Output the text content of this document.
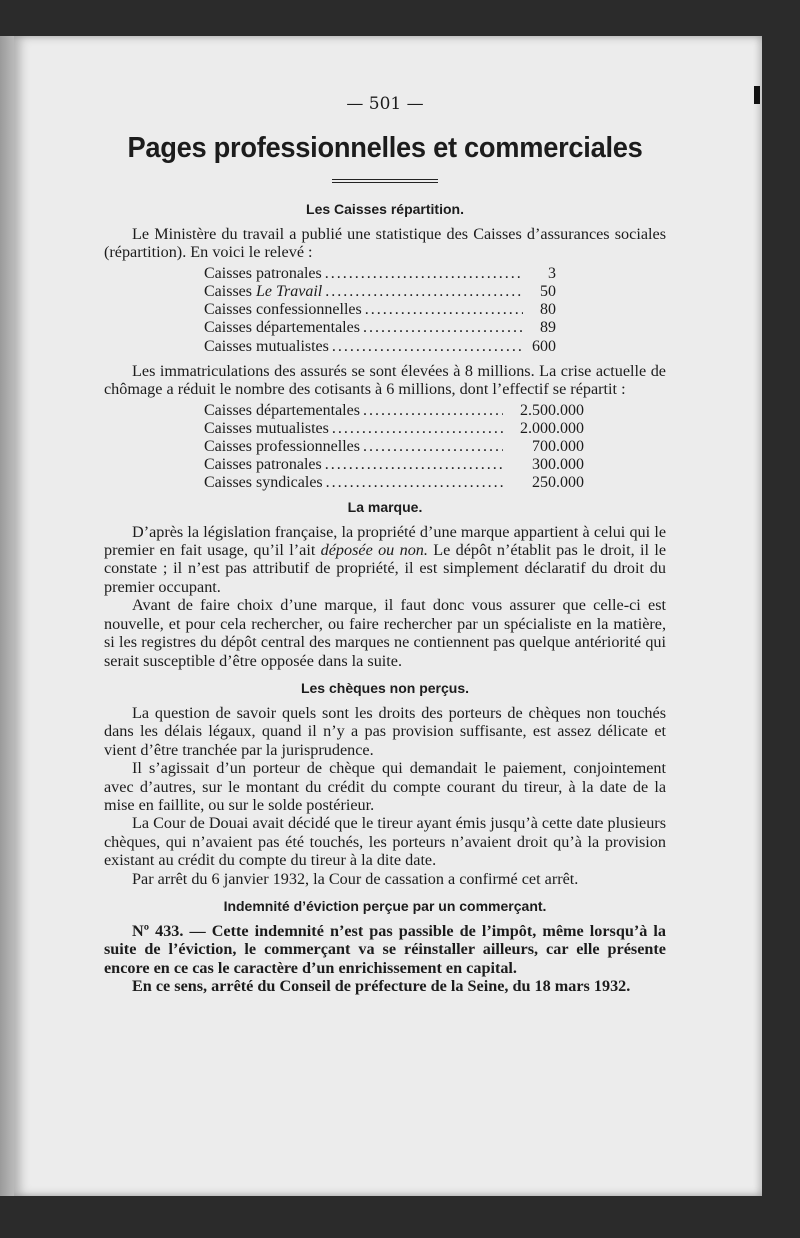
— 501 —
Pages professionnelles et commerciales
Les Caisses répartition.

Le Ministère du travail a publié une statistique des Caisses d’assurances sociales (répartition). En voici le relevé :

Caisses patronales .....	3
Caisses Le Travail .....	50
Caisses confessionnelles .....	80
Caisses départementales .....	89
Caisses mutualistes .....	600

Les immatriculations des assurés se sont élevées à 8 millions. La crise actuelle de chômage a réduit le nombre des cotisants à 6 millions, dont l’effectif se répartit :

Caisses départementales .....	2.500.000
Caisses mutualistes .....	2.000.000
Caisses professionnelles .....	700.000
Caisses patronales .....	300.000
Caisses syndicales .....	250.000
La marque.

D’après la législation française, la propriété d’une marque appartient à celui qui le premier en fait usage, qu’il l’ait déposée ou non. Le dépôt n’établit pas le droit, il le constate ; il n’est pas attributif de propriété, il est simplement déclaratif du droit du premier occupant.

Avant de faire choix d’une marque, il faut donc vous assurer que celle-ci est nouvelle, et pour cela rechercher, ou faire rechercher par un spécialiste en la matière, si les registres du dépôt central des marques ne contiennent pas quelque antériorité qui serait susceptible d’être opposée dans la suite.

Les chèques non perçus.

La question de savoir quels sont les droits des porteurs de chèques non touchés dans les délais légaux, quand il n’y a pas provision suffisante, est assez délicate et vient d’être tranchée par la jurisprudence.

Il s’agissait d’un porteur de chèque qui demandait le paiement, conjointement avec d’autres, sur le montant du crédit du compte courant du tireur, à la date de la mise en faillite, ou sur le solde postérieur.

La Cour de Douai avait décidé que le tireur ayant émis jusqu’à cette date plusieurs chèques, qui n’avaient pas été touchés, les porteurs n’avaient droit qu’à la provision existant au crédit du compte du tireur à la dite date.

Par arrêt du 6 janvier 1932, la Cour de cassation a confirmé cet arrêt.

Indemnité d’éviction perçue par un commerçant.

Nº 433. — Cette indemnité n’est pas passible de l’impôt, même lorsqu’à la suite de l’éviction, le commerçant va se réinstaller ailleurs, car elle présente encore en ce cas le caractère d’un enrichissement en capital.

En ce sens, arrêté du Conseil de préfecture de la Seine, du 18 mars 1932.
